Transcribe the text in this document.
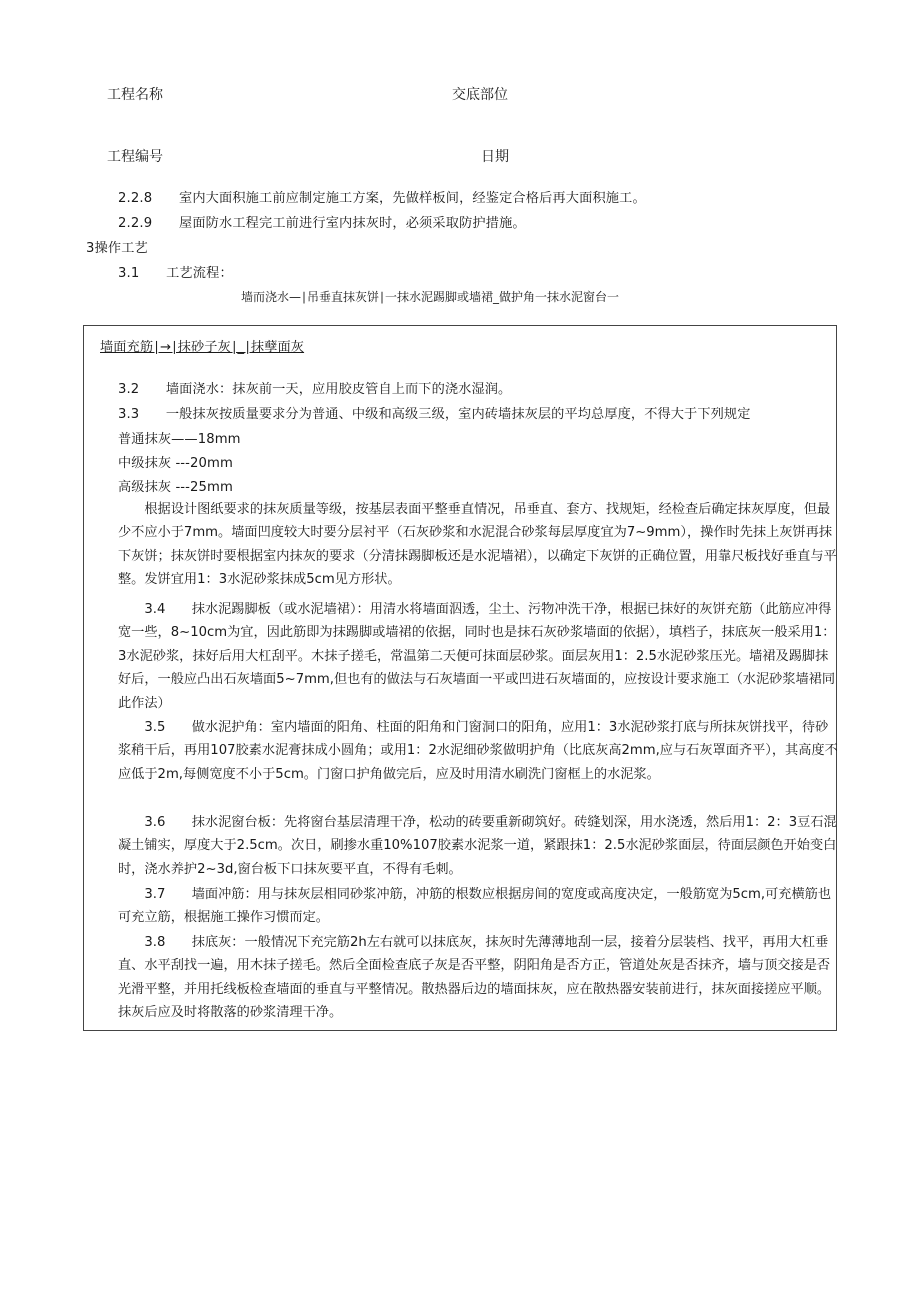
工程名称	交底部位
工程编号	日期
2.2.8　　室内大面积施工前应制定施工方案，先做样板间，经鉴定合格后再大面积施工。
2.2.9　　屋面防水工程完工前进行室内抹灰时，必须采取防护措施。
3操作工艺
3.1　　工艺流程：
墙而浇水—∣吊垂直抹灰饼∣一抹水泥踢脚或墙裙_做护角一抹水泥窗台一
墙面充筋∣→∣抹砂子灰∣_∣抹孽面灰
3.2　　墙面浇水：抹灰前一天，应用胶皮管自上而下的浇水湿润。
3.3　　一般抹灰按质量要求分为普通、中级和高级三级，室内砖墙抹灰层的平均总厚度，不得大于下列规定
普通抹灰——18mm
中级抹灰 ---20mm
高级抹灰 ---25mm
　　根据设计图纸要求的抹灰质量等级，按基层表面平整垂直情况，吊垂直、套方、找规矩，经检查后确定抹灰厚度，但最少不应小于7mm。墙面凹度较大时要分层衬平（石灰砂浆和水泥混合砂浆每层厚度宜为7~9mm），操作时先抹上灰饼再抹下灰饼；抹灰饼时要根据室内抹灰的要求（分清抹踢脚板还是水泥墙裙），以确定下灰饼的正确位置，用靠尺板找好垂直与平整。发饼宜用1：3水泥砂浆抹成5cm见方形状。
　　3.4　　抹水泥踢脚板（或水泥墙裙）：用清水将墙面泅透，尘土、污物冲洗干净，根据已抹好的灰饼充筋（此筋应冲得宽一些，8~10cm为宜，因此筋即为抹踢脚或墙裙的依据，同时也是抹石灰砂浆墙面的依据），填档子，抹底灰一般采用1：3水泥砂浆，抹好后用大杠刮平。木抹子搓毛，常温第二天便可抹面层砂浆。面层灰用1：2.5水泥砂浆压光。墙裙及踢脚抹好后，一般应凸出石灰墙面5~7mm,但也有的做法与石灰墙面一平或凹进石灰墙面的，应按设计要求施工（水泥砂浆墙裙同此作法）
　　3.5　　做水泥护角：室内墙面的阳角、柱面的阳角和门窗洞口的阳角，应用1：3水泥砂浆打底与所抹灰饼找平，待砂浆稍干后，再用107胶素水泥膏抹成小圆角；或用1：2水泥细砂浆做明护角（比底灰高2mm,应与石灰罩面齐平），其高度不应低于2m,每侧宽度不小于5cm。门窗口护角做完后，应及时用清水刷洗门窗框上的水泥浆。
　　3.6　　抹水泥窗台板：先将窗台基层清理干净，松动的砖要重新砌筑好。砖缝划深，用水浇透，然后用1：2：3豆石混凝土铺实，厚度大于2.5cm。次日，刷掺水重10%107胶素水泥浆一道，紧跟抹1：2.5水泥砂浆面层，待面层颜色开始变白时，浇水养护2~3d,窗台板下口抹灰要平直，不得有毛刺。
　　3.7　　墙面冲筋：用与抹灰层相同砂浆冲筋，冲筋的根数应根据房间的宽度或高度决定，一般筋宽为5cm,可充横筋也可充立筋，根据施工操作习惯而定。
　　3.8　　抹底灰：一般情况下充完筋2h左右就可以抹底灰，抹灰时先薄薄地刮一层，接着分层装档、找平，再用大杠垂直、水平刮找一遍，用木抹子搓毛。然后全面检查底子灰是否平整，阴阳角是否方正，管道处灰是否抹齐，墙与顶交接是否光滑平整，并用托线板检查墙面的垂直与平整情况。散热器后边的墙面抹灰，应在散热器安装前进行，抹灰面接搓应平顺。抹灰后应及时将散落的砂浆清理干净。
